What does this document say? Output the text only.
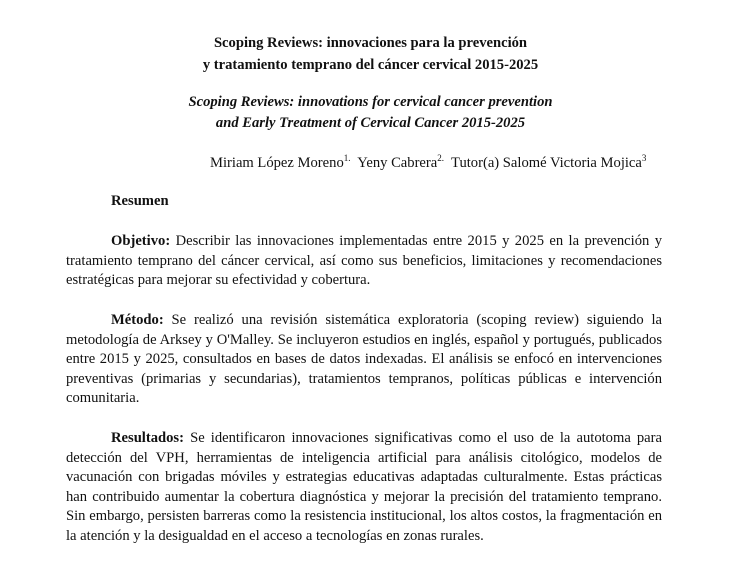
Scoping Reviews: innovaciones para la prevención
y tratamiento temprano del cáncer cervical 2015-2025

Scoping Reviews: innovations for cervical cancer prevention
and Early Treatment of Cervical Cancer 2015-2025

Miriam López Moreno$^{1.}$ Yeny Cabrera$^{2.}$ Tutor(a) Salomé Victoria Mojica$^3$

Resumen

Objetivo: Describir las innovaciones implementadas entre 2015 y 2025 en la prevención y tratamiento temprano del cáncer cervical, así como sus beneficios, limitaciones y recomendaciones estratégicas para mejorar su efectividad y cobertura.

Método: Se realizó una revisión sistemática exploratoria (scoping review) siguiendo la metodología de Arksey y O'Malley. Se incluyeron estudios en inglés, español y portugués, publicados entre 2015 y 2025, consultados en bases de datos indexadas. El análisis se enfocó en intervenciones preventivas (primarias y secundarias), tratamientos tempranos, políticas públicas e intervención comunitaria.

Resultados: Se identificaron innovaciones significativas como el uso de la autotoma para detección del VPH, herramientas de inteligencia artificial para análisis citológico, modelos de vacunación con brigadas móviles y estrategias educativas adaptadas culturalmente. Estas prácticas han contribuido aumentar la cobertura diagnóstica y mejorar la precisión del tratamiento temprano. Sin embargo, persisten barreras como la resistencia institucional, los altos costos, la fragmentación en la atención y la desigualdad en el acceso a tecnologías en zonas rurales.
